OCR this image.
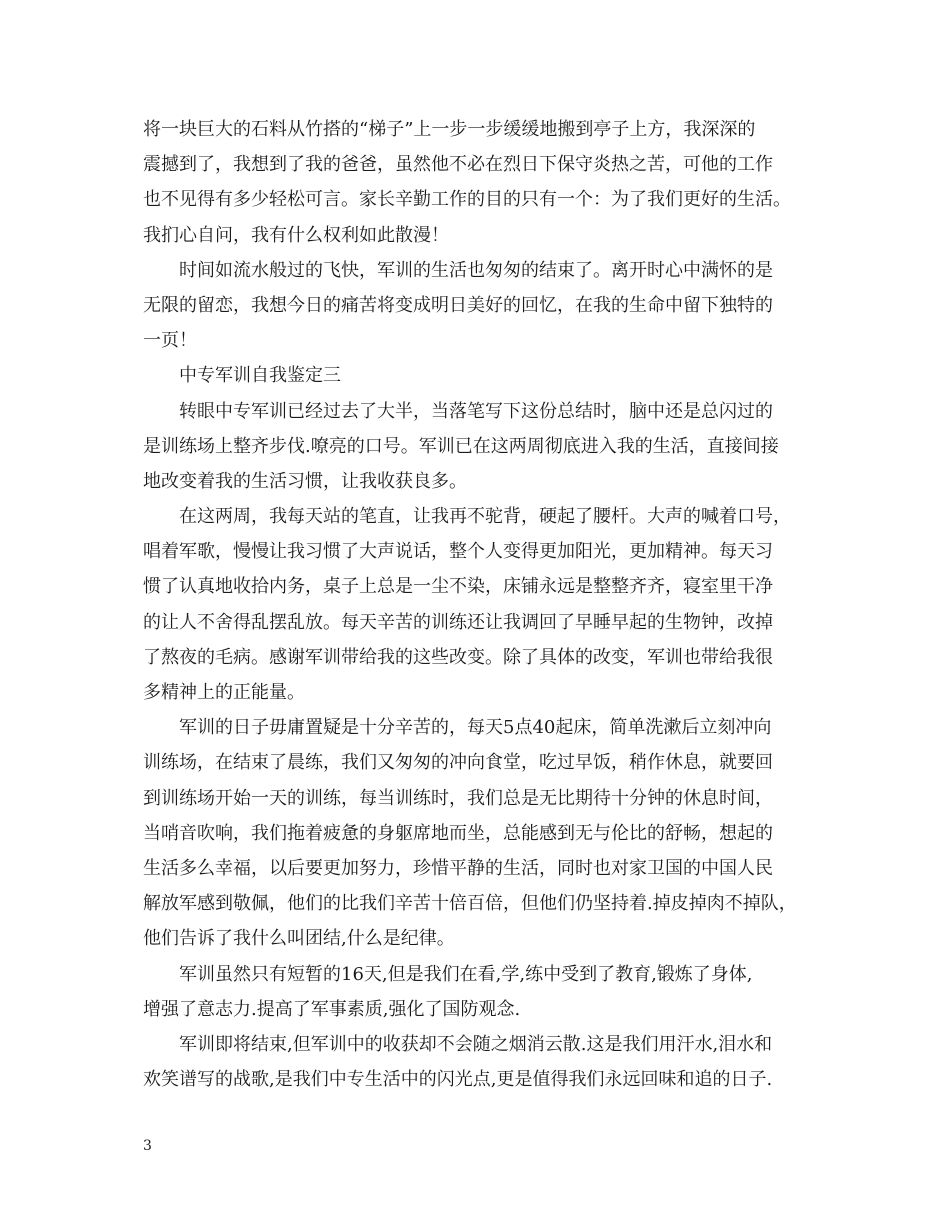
将一块巨大的石料从竹搭的“梯子”上一步一步缓缓地搬到亭子上方，我深深的
震撼到了，我想到了我的爸爸，虽然他不必在烈日下保守炎热之苦，可他的工作
也不见得有多少轻松可言。家长辛勤工作的目的只有一个：为了我们更好的生活。
我扪心自问，我有什么权利如此散漫！
时间如流水般过的飞快，军训的生活也匆匆的结束了。离开时心中满怀的是
无限的留恋，我想今日的痛苦将变成明日美好的回忆，在我的生命中留下独特的
一页！
中专军训自我鉴定三
转眼中专军训已经过去了大半，当落笔写下这份总结时，脑中还是总闪过的
是训练场上整齐步伐.嘹亮的口号。军训已在这两周彻底进入我的生活，直接间接
地改变着我的生活习惯，让我收获良多。
在这两周，我每天站的笔直，让我再不驼背，硬起了腰杆。大声的喊着口号，
唱着军歌，慢慢让我习惯了大声说话，整个人变得更加阳光，更加精神。每天习
惯了认真地收拾内务，桌子上总是一尘不染，床铺永远是整整齐齐，寝室里干净
的让人不舍得乱摆乱放。每天辛苦的训练还让我调回了早睡早起的生物钟，改掉
了熬夜的毛病。感谢军训带给我的这些改变。除了具体的改变，军训也带给我很
多精神上的正能量。
军训的日子毋庸置疑是十分辛苦的，每天5点40起床，简单洗漱后立刻冲向
训练场，在结束了晨练，我们又匆匆的冲向食堂，吃过早饭，稍作休息，就要回
到训练场开始一天的训练，每当训练时，我们总是无比期待十分钟的休息时间，
当哨音吹响，我们拖着疲惫的身躯席地而坐，总能感到无与伦比的舒畅，想起的
生活多么幸福，以后要更加努力，珍惜平静的生活，同时也对家卫国的中国人民
解放军感到敬佩，他们的比我们辛苦十倍百倍，但他们仍坚持着.掉皮掉肉不掉队，
他们告诉了我什么叫团结,什么是纪律。
军训虽然只有短暂的16天,但是我们在看,学,练中受到了教育,锻炼了身体,
增强了意志力.提高了军事素质,强化了国防观念.
军训即将结束,但军训中的收获却不会随之烟消云散.这是我们用汗水,泪水和
欢笑谱写的战歌,是我们中专生活中的闪光点,更是值得我们永远回味和追的日子.
3
